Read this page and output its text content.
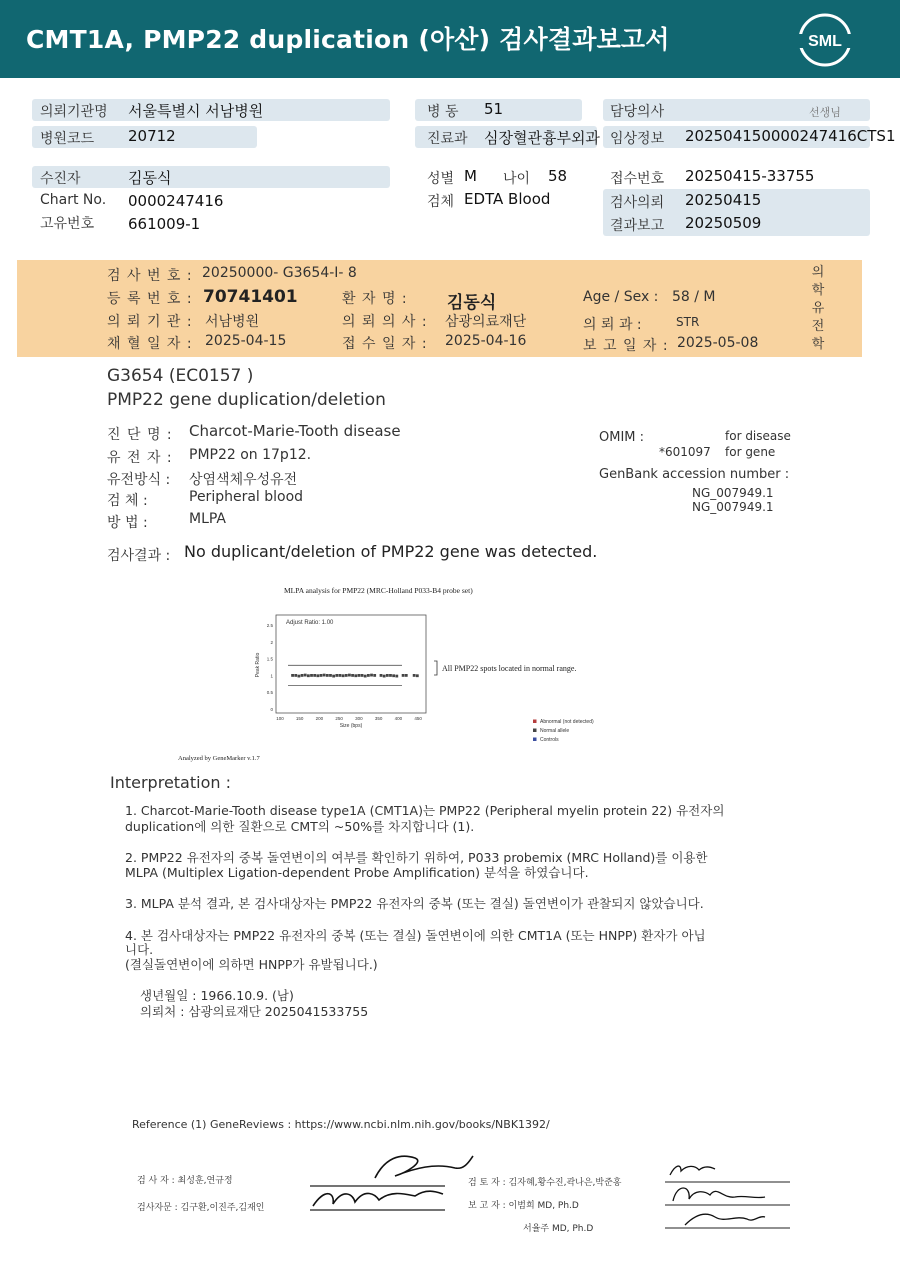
CMT1A, PMP22 duplication (아산) 검사결과보고서	SML
의뢰기관명 서울특별시 서남병원
병원코드 20712
병 동 51
진료과 심장혈관흉부외과
담당의사	선생님
임상정보 20250415000024741​6CTS1
수진자	김동식
Chart No. 0000247416
고유번호 661009-1
성별 M 나이 58
검체 EDTA Blood
접수번호 20250415-33755
검사의뢰 20250415
결과보고 20250509
검 사 번 호 : 20250000- G3654-I- 8
등 록 번 호 : 70741401
의 뢰 기 관 : 서남병원
채 혈 일 자 : 2025-04-15
환 자 명 : 김동식
의 뢰 의 사 : 삼광의료재단
접 수 일 자 : 2025-04-16
Age / Sex : 58 / M
의 뢰 과 :	STR
보 고 일 자 : 2025-05-08
의학유전학
G3654 (EC0157 )
PMP22 gene duplication/deletion
진 단 명 : Charcot-Marie-Tooth disease
유 전 자 : PMP22 on 17p12.
유전방식 : 상염색체우성유전
검 체 :	Peripheral blood
방 법 :	MLPA
OMIM :	for disease
*601097 for gene
GenBank accession number :
NG_007949.1
NG_007949.1
검사결과 : No duplicant/deletion of PMP22 gene was detected.
MLPA analysis for PMP22 (MRC-Holland P033-B4 probe set)
Adjust Ratio: 1.00
Peak Ratio
Size (bps)
2.5
2
1.5
1
0.5
0
100	150	200	250	300	350	400	450
All PMP22 spots located in normal range.
Abnormal (not detected)
Normal allele
Controls
Analyzed by GeneMarker v.1.7
Interpretation :
1. Charcot-Marie-Tooth disease type1A (CMT1A)는 PMP22 (Peripheral myelin protein 22) 유전자의
duplication에 의한 질환으로 CMT의 ~50%를 차지합니다 (1).
2. PMP22 유전자의 중복 돌연변이의 여부를 확인하기 위하여, P033 probemix (MRC Holland)를 이용한
MLPA (Multiplex Ligation-dependent Probe Amplification) 분석을 하였습니다.
3. MLPA 분석 결과, 본 검사대상자는 PMP22 유전자의 중복 (또는 결실) 돌연변이가 관찰되지 않았습니다.
4. 본 검사대상자는 PMP22 유전자의 중복 (또는 결실) 돌연변이에 의한 CMT1A (또는 HNPP) 환자가 아닙
니다.
(결실돌연변이에 의하면 HNPP가 유발됩니다.)
생년월일 : 1966.10.9. (남)
의뢰처 : 삼광의료재단 2025041533755
Reference (1) GeneReviews : https://www.ncbi.nlm.nih.gov/books/NBK1392/
검 사 자 : 최성훈,연규정
검사자문 : 김구환,이진주,김재인
검 토 자 : 김자혜,황수진,곽나은,박준홍
보 고 자 : 이범희 MD, Ph.D
서율주 MD, Ph.D
